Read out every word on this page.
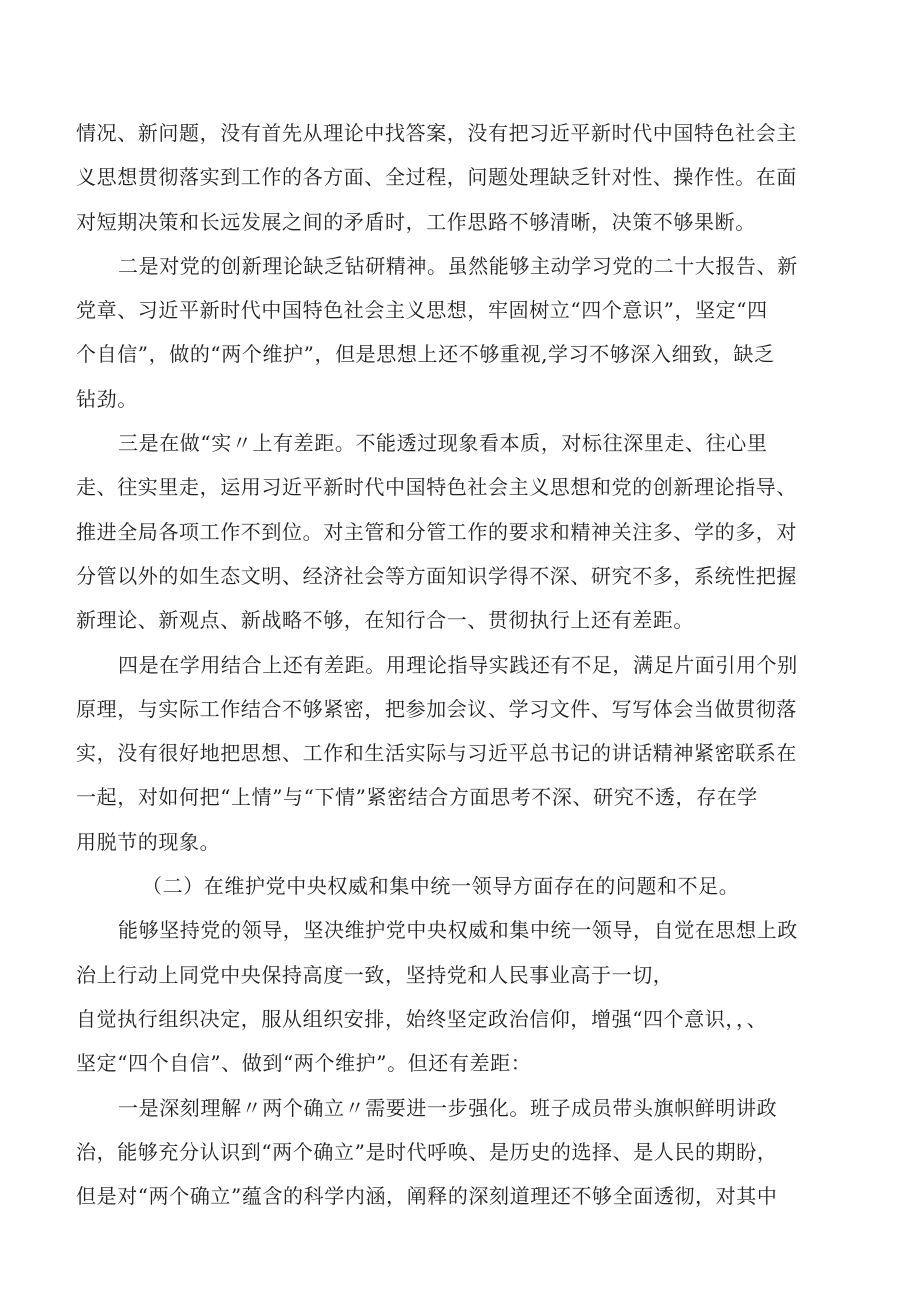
情况、新问题，没有首先从理论中找答案，没有把习近平新时代中国特色社会主
义思想贯彻落实到工作的各方面、全过程，问题处理缺乏针对性、操作性。在面
对短期决策和长远发展之间的矛盾时，工作思路不够清晰，决策不够果断。
二是对党的创新理论缺乏钻研精神。虽然能够主动学习党的二十大报告、新
党章、习近平新时代中国特色社会主义思想，牢固树立“四个意识”，坚定“四
个自信”，做的“两个维护”，但是思想上还不够重视,学习不够深入细致，缺乏
钻劲。
三是在做“实〃上有差距。不能透过现象看本质，对标往深里走、往心里
走、往实里走，运用习近平新时代中国特色社会主义思想和党的创新理论指导、
推进全局各项工作不到位。对主管和分管工作的要求和精神关注多、学的多，对
分管以外的如生态文明、经济社会等方面知识学得不深、研究不多，系统性把握
新理论、新观点、新战略不够，在知行合一、贯彻执行上还有差距。
四是在学用结合上还有差距。用理论指导实践还有不足，满足片面引用个别
原理，与实际工作结合不够紧密，把参加会议、学习文件、写写体会当做贯彻落
实，没有很好地把思想、工作和生活实际与习近平总书记的讲话精神紧密联系在
一起，对如何把“上情”与“下情”紧密结合方面思考不深、研究不透，存在学
用脱节的现象。
（二）在维护党中央权威和集中统一领导方面存在的问题和不足。
能够坚持党的领导，坚决维护党中央权威和集中统一领导，自觉在思想上政
治上行动上同党中央保持高度一致，坚持党和人民事业高于一切，
自觉执行组织决定，服从组织安排，始终坚定政治信仰，增强“四个意识，，、
坚定“四个自信”、做到“两个维护”。但还有差距：
一是深刻理解〃两个确立〃需要进一步强化。班子成员带头旗帜鲜明讲政
治，能够充分认识到“两个确立”是时代呼唤、是历史的选择、是人民的期盼，
但是对“两个确立”蕴含的科学内涵，阐释的深刻道理还不够全面透彻，对其中
